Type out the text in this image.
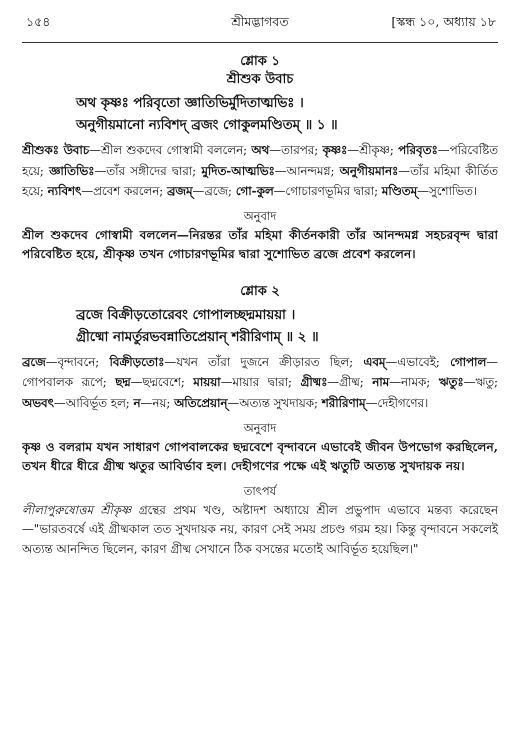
১৫৪	শ্রীমদ্ভাগবত	[স্কন্ধ ১০, অধ্যায় ১৮
শ্লোক ১
শ্রীশুক উবাচ
অথ কৃষ্ণঃ পরিবৃতো জ্ঞাতিভির্মুদিতাত্মভিঃ ।
অনুগীয়মানো ন্যবিশদ্ ব্রজং গোকুলমণ্ডিতম্ ॥ ১ ॥
শ্রীশুকঃ উবাচ—শ্রীল শুকদেব গোস্বামী বললেন; অথ—তারপর; কৃষ্ণঃ—শ্রীকৃষ্ণ; পরিবৃতঃ—পরিবেষ্টিত হয়ে; জ্ঞাতিভিঃ—তাঁর সঙ্গীদের দ্বারা; মুদিত-আত্মভিঃ—আনন্দমগ্ন; অনুগীয়মানঃ—তাঁর মহিমা কীর্তিত হয়ে; ন্যবিশৎ—প্রবেশ করলেন; ব্রজম্—ব্রজে; গো-কুল—গোচারণভূমির দ্বারা; মণ্ডিতম্—সুশোভিত।
অনুবাদ
শ্রীল শুকদেব গোস্বামী বললেন—নিরন্তর তাঁর মহিমা কীর্তনকারী তাঁর আনন্দমগ্ন সহচরবৃন্দ দ্বারা পরিবেষ্টিত হয়ে, শ্রীকৃষ্ণ তখন গোচারণভূমির দ্বারা সুশোভিত ব্রজে প্রবেশ করলেন।
শ্লোক ২
ব্রজে বিক্রীড়তোরেবং গোপালচ্ছদ্মমায়য়া ।
গ্রীষ্মো নামর্তুরভবন্নাতিপ্রেয়ান্ শরীরিণাম্ ॥ ২ ॥
ব্রজে—বৃন্দাবনে; বিক্রীড়তোঃ—যখন তাঁরা দুজনে ক্রীড়ারত ছিল; এবম্—এভাবেই; গোপাল—গোপবালক রূপে; ছদ্ম—ছদ্মবেশে; মায়য়া—মায়ার দ্বারা; গ্রীষ্মঃ—গ্রীষ্ম; নাম—নামক; ঋতুঃ—ঋতু; অভবৎ—আবির্ভূত হল; ন—নয়; অতিপ্রেয়ান্—অত্যন্ত সুখদায়ক; শরীরিণাম্—দেহীগণের।
অনুবাদ
কৃষ্ণ ও বলরাম যখন সাধারণ গোপবালকের ছদ্মবেশে বৃন্দাবনে এভাবেই জীবন উপভোগ করছিলেন, তখন ধীরে ধীরে গ্রীষ্ম ঋতুর আবির্ভাব হল। দেহীগণের পক্ষে এই ঋতুটি অত্যন্ত সুখদায়ক নয়।
তাৎপর্য
লীলাপুরুষোত্তম শ্রীকৃষ্ণ গ্রন্থের প্রথম খণ্ড, অষ্টাদশ অধ্যায়ে শ্রীল প্রভুপাদ এভাবে মন্তব্য করেছেন—"ভারতবর্ষে এই গ্রীষ্মকাল তত সুখদায়ক নয়, কারণ সেই সময় প্রচণ্ড গরম হয়। কিন্তু বৃন্দাবনে সকলেই অত্যন্ত আনন্দিত ছিলেন, কারণ গ্রীষ্ম সেখানে ঠিক বসন্তের মতোই আবির্ভূত হয়েছিল।"
